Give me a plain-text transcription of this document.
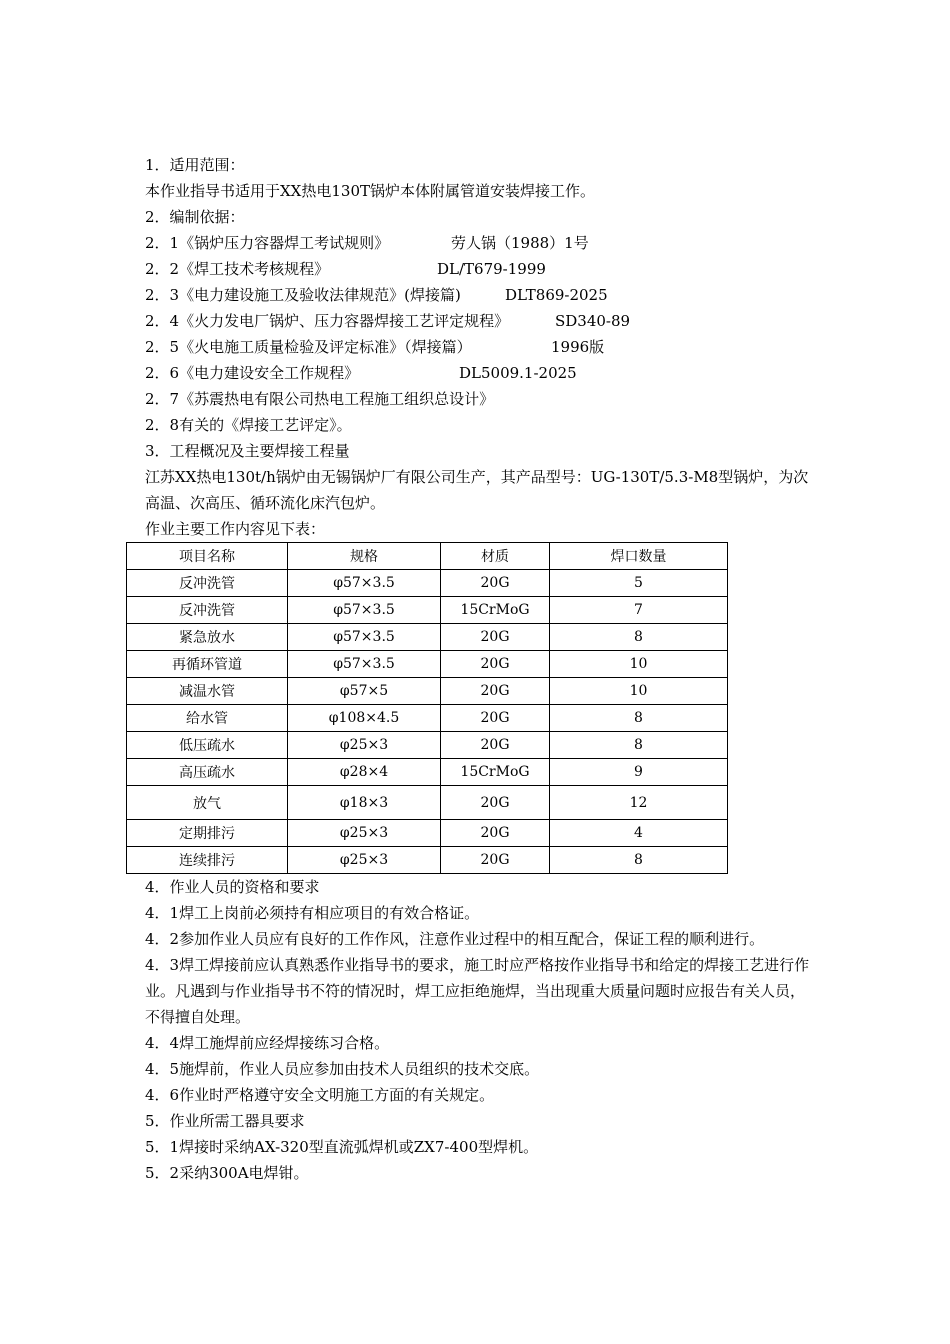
1．适用范围：
本作业指导书适用于XX热电130T锅炉本体附属管道安装焊接工作。
2．编制依据：
2．1《锅炉压力容器焊工考试规则》	劳人锅（1988）1号
2．2《焊工技术考核规程》	DL/T679-1999
2．3《电力建设施工及验收法律规范》(焊接篇)	DLT869-2025
2．4《火力发电厂锅炉、压力容器焊接工艺评定规程》	SD340-89
2．5《火电施工质量检验及评定标准》（焊接篇）	1996版
2．6《电力建设安全工作规程》	DL5009.1-2025
2．7《苏震热电有限公司热电工程施工组织总设计》
2．8有关的《焊接工艺评定》。
3．工程概况及主要焊接工程量
江苏XX热电130t/h锅炉由无锡锅炉厂有限公司生产，其产品型号：UG-130T/5.3-M8型锅炉，为次高温、次高压、循环流化床汽包炉。
作业主要工作内容见下表：
项目名称	规格	材质	焊口数量
反冲洗管	φ57×3.5	20G	5
反冲洗管	φ57×3.5	15CrMoG	7
紧急放水	φ57×3.5	20G	8
再循环管道	φ57×3.5	20G	10
减温水管	φ57×5	20G	10
给水管	φ108×4.5	20G	8
低压疏水	φ25×3	20G	8
高压疏水	φ28×4	15CrMoG	9
放气	φ18×3	20G	12
定期排污	φ25×3	20G	4
连续排污	φ25×3	20G	8
4．作业人员的资格和要求
4．1焊工上岗前必须持有相应项目的有效合格证。
4．2参加作业人员应有良好的工作作风，注意作业过程中的相互配合，保证工程的顺利进行。
4．3焊工焊接前应认真熟悉作业指导书的要求，施工时应严格按作业指导书和给定的焊接工艺进行作业。凡遇到与作业指导书不符的情况时，焊工应拒绝施焊，当出现重大质量问题时应报告有关人员，不得擅自处理。
4．4焊工施焊前应经焊接练习合格。
4．5施焊前，作业人员应参加由技术人员组织的技术交底。
4．6作业时严格遵守安全文明施工方面的有关规定。
5．作业所需工器具要求
5．1焊接时采纳AX-320型直流弧焊机或ZX7-400型焊机。
5．2采纳300A电焊钳。
